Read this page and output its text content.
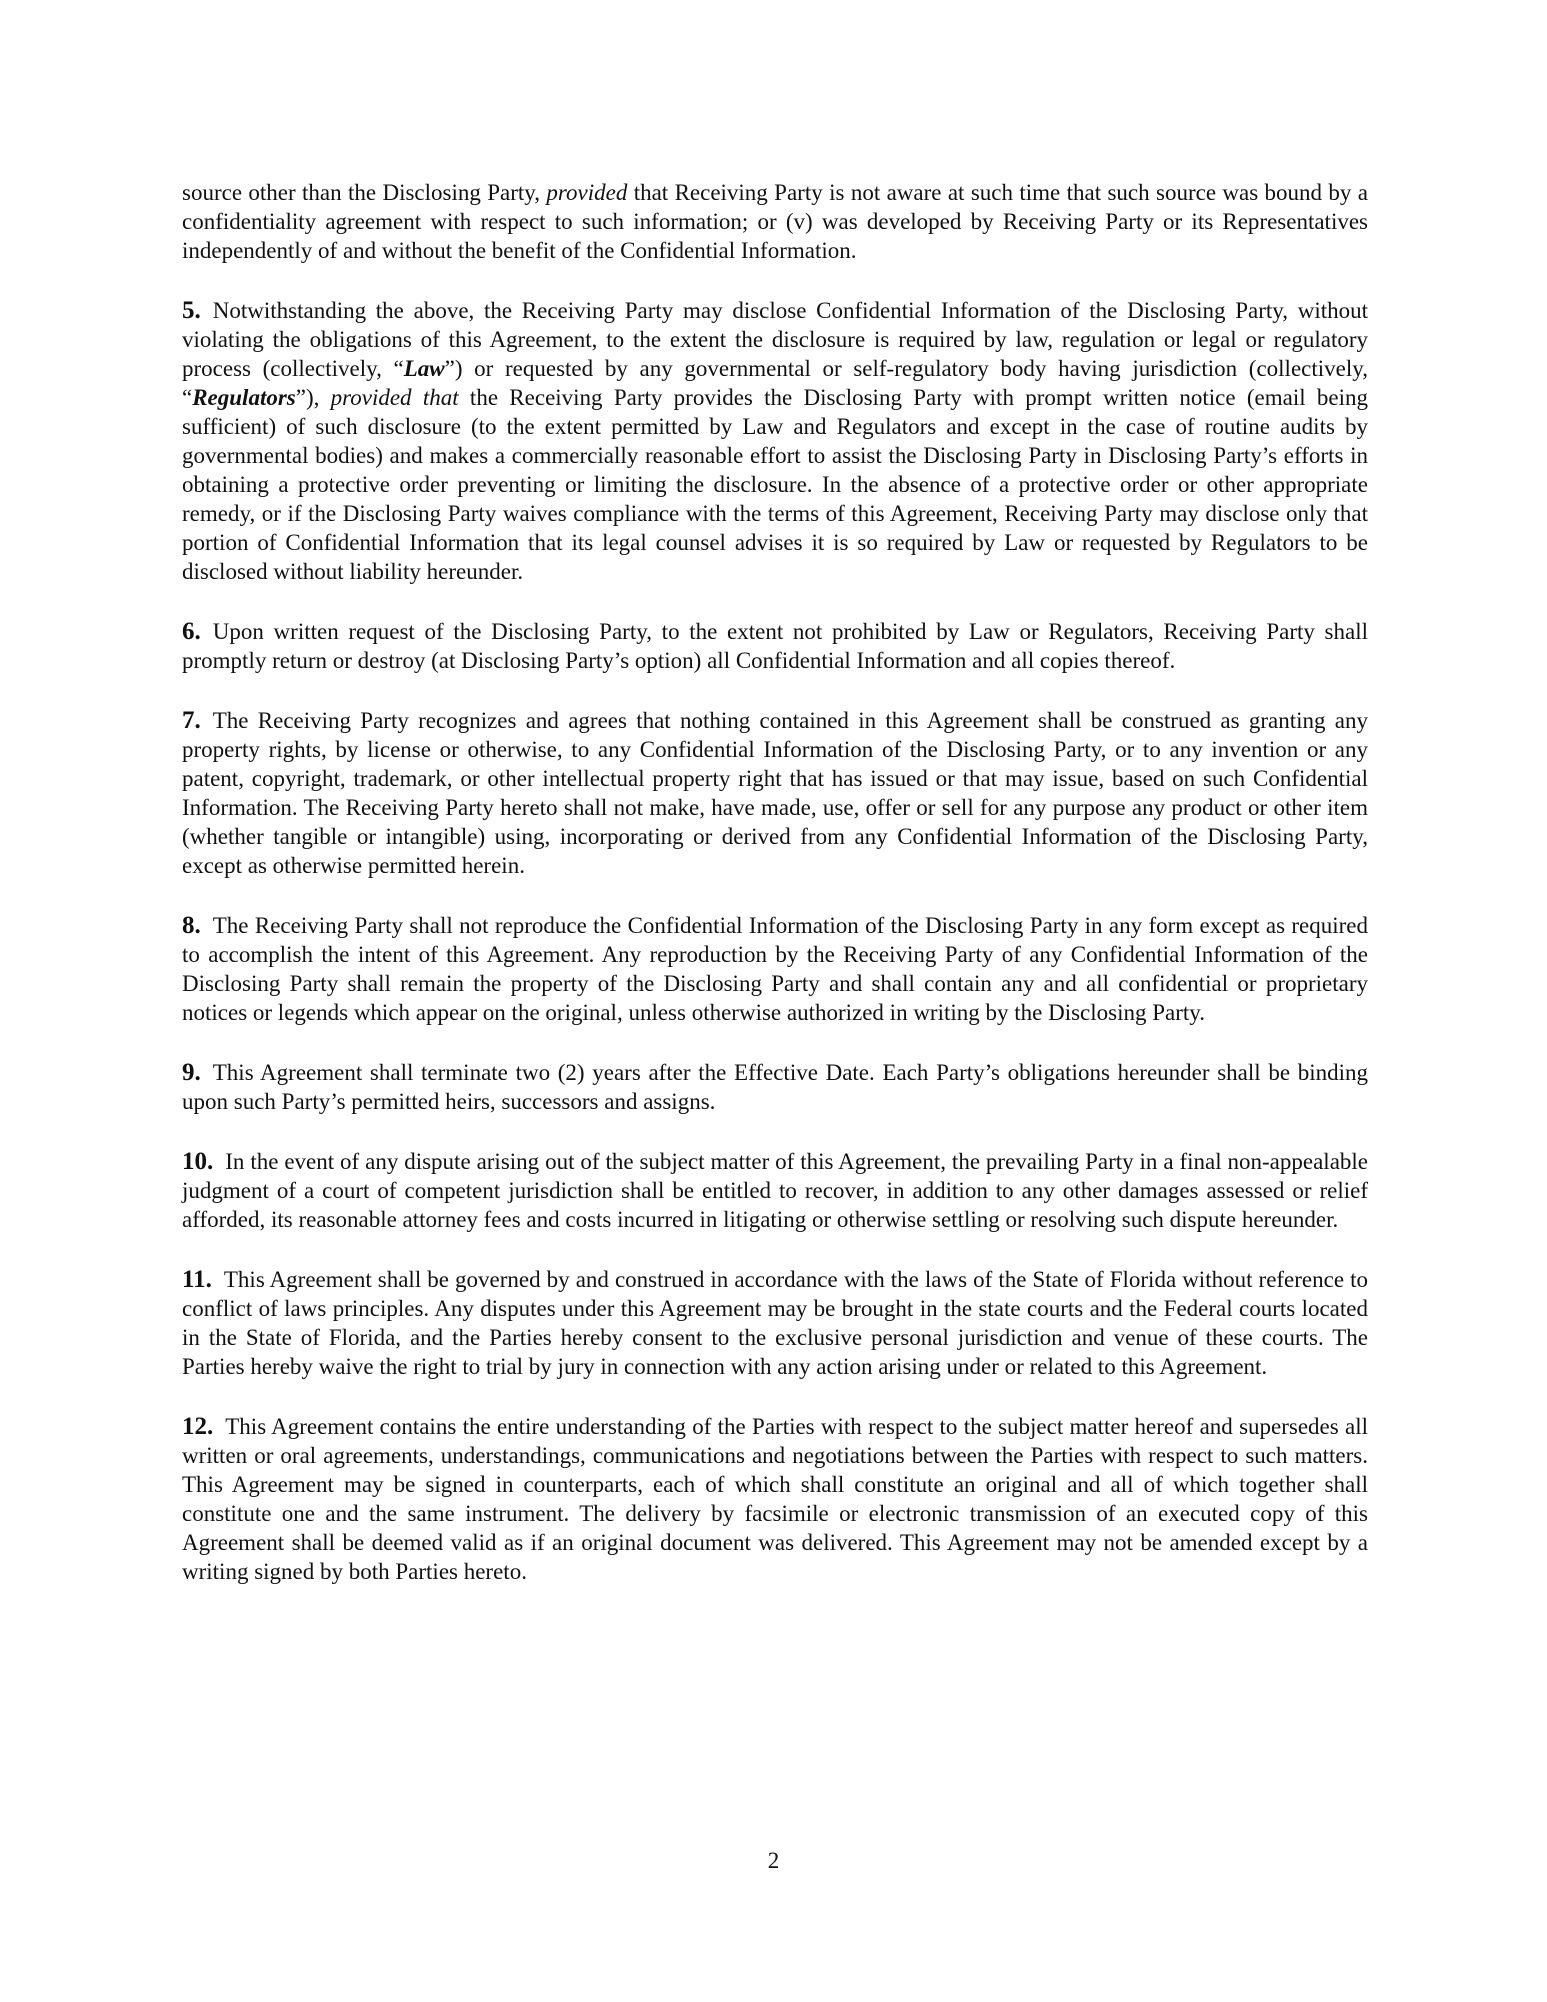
source other than the Disclosing Party, provided that Receiving Party is not aware at such time that such source was bound by a confidentiality agreement with respect to such information; or (v) was developed by Receiving Party or its Representatives independently of and without the benefit of the Confidential Information.

5. Notwithstanding the above, the Receiving Party may disclose Confidential Information of the Disclosing Party, without violating the obligations of this Agreement, to the extent the disclosure is required by law, regulation or legal or regulatory process (collectively, “Law”) or requested by any governmental or self-regulatory body having jurisdiction (collectively, “Regulators”), provided that the Receiving Party provides the Disclosing Party with prompt written notice (email being sufficient) of such disclosure (to the extent permitted by Law and Regulators and except in the case of routine audits by governmental bodies) and makes a commercially reasonable effort to assist the Disclosing Party in Disclosing Party’s efforts in obtaining a protective order preventing or limiting the disclosure. In the absence of a protective order or other appropriate remedy, or if the Disclosing Party waives compliance with the terms of this Agreement, Receiving Party may disclose only that portion of Confidential Information that its legal counsel advises it is so required by Law or requested by Regulators to be disclosed without liability hereunder.

6. Upon written request of the Disclosing Party, to the extent not prohibited by Law or Regulators, Receiving Party shall promptly return or destroy (at Disclosing Party’s option) all Confidential Information and all copies thereof.

7. The Receiving Party recognizes and agrees that nothing contained in this Agreement shall be construed as granting any property rights, by license or otherwise, to any Confidential Information of the Disclosing Party, or to any invention or any patent, copyright, trademark, or other intellectual property right that has issued or that may issue, based on such Confidential Information. The Receiving Party hereto shall not make, have made, use, offer or sell for any purpose any product or other item (whether tangible or intangible) using, incorporating or derived from any Confidential Information of the Disclosing Party, except as otherwise permitted herein.

8. The Receiving Party shall not reproduce the Confidential Information of the Disclosing Party in any form except as required to accomplish the intent of this Agreement. Any reproduction by the Receiving Party of any Confidential Information of the Disclosing Party shall remain the property of the Disclosing Party and shall contain any and all confidential or proprietary notices or legends which appear on the original, unless otherwise authorized in writing by the Disclosing Party.

9. This Agreement shall terminate two (2) years after the Effective Date. Each Party’s obligations hereunder shall be binding upon such Party’s permitted heirs, successors and assigns.

10. In the event of any dispute arising out of the subject matter of this Agreement, the prevailing Party in a final non-appealable judgment of a court of competent jurisdiction shall be entitled to recover, in addition to any other damages assessed or relief afforded, its reasonable attorney fees and costs incurred in litigating or otherwise settling or resolving such dispute hereunder.

11. This Agreement shall be governed by and construed in accordance with the laws of the State of Florida without reference to conflict of laws principles. Any disputes under this Agreement may be brought in the state courts and the Federal courts located in the State of Florida, and the Parties hereby consent to the exclusive personal jurisdiction and venue of these courts. The Parties hereby waive the right to trial by jury in connection with any action arising under or related to this Agreement.

12. This Agreement contains the entire understanding of the Parties with respect to the subject matter hereof and supersedes all written or oral agreements, understandings, communications and negotiations between the Parties with respect to such matters. This Agreement may be signed in counterparts, each of which shall constitute an original and all of which together shall constitute one and the same instrument. The delivery by facsimile or electronic transmission of an executed copy of this Agreement shall be deemed valid as if an original document was delivered. This Agreement may not be amended except by a writing signed by both Parties hereto.

2
